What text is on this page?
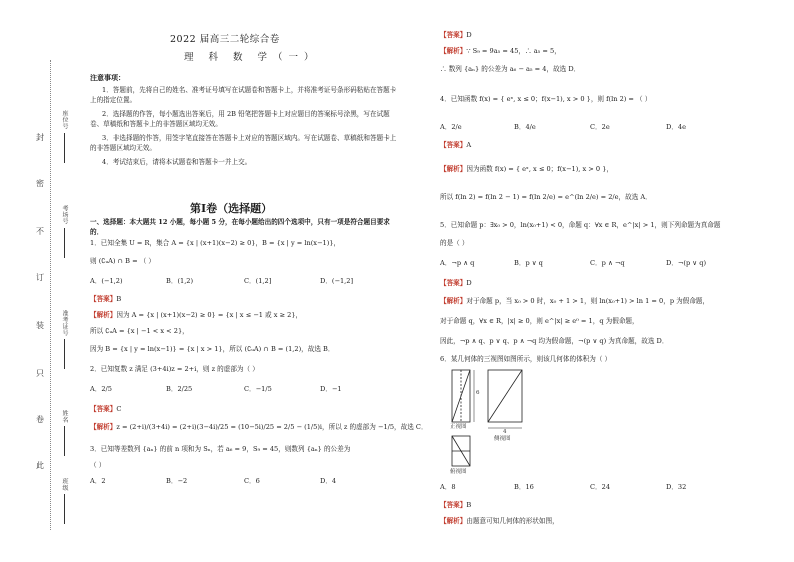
封
密
不
订
装
只
卷
此
座位号
考场号
准考证号
姓名
班级
2022 届高三二轮综合卷
理 科 数 学（一）
注意事项：
1．答题前，先将自己的姓名、准考证号填写在试题卷和答题卡上，并将准考证号条形码粘贴在答题卡上的指定位置。
2．选择题的作答，每小题选出答案后，用 2B 铅笔把答题卡上对应题目的答案标号涂黑，写在试题卷、草稿纸和答题卡上的非答题区域均无效。
3．非选择题的作答，用签字笔直接答在答题卡上对应的答题区域内。写在试题卷、草稿纸和答题卡上的非答题区域均无效。
4．考试结束后，请将本试题卷和答题卡一并上交。
第Ⅰ卷（选择题）
一、选择题：本大题共 12 小题，每小题 5 分，在每小题给出的四个选项中，只有一项是符合题目要求的．
1．已知全集 U = R，集合 A = {x | (x+1)(x−2) ≥ 0}，B = {x | y = ln(x−1)}，
则 (∁ᵤA) ∩ B = （ ）
A．(−1,2)	B．(1,2)	C．(1,2]	D．(−1,2]
【答案】B
【解析】因为 A = {x | (x+1)(x−2) ≥ 0} = {x | x ≤ −1 或 x ≥ 2}，
所以 ∁ᵤA = {x | −1 < x < 2}，
因为 B = {x | y = ln(x−1)} = {x | x > 1}，所以 (∁ᵤA) ∩ B = (1,2)，故选 B．
2．已知复数 z 满足 (3+4i)z = 2+i，则 z 的虚部为（ ）
A．2/5	B．2/25	C．−1/5	D．−1
【答案】C
【解析】z = (2+i)/(3+4i) = (2+i)(3−4i)/25 = (10−5i)/25 = 2/5 − (1/5)i，所以 z 的虚部为 −1/5，故选 C．
3．已知等差数列 {aₙ} 的前 n 项和为 Sₙ，若 a₆ = 9，S₉ = 45，则数列 {aₙ} 的公差为
（ ）
A．2	B．−2	C．6	D．4
【答案】D
【解析】∵ S₉ = 9a₅ = 45，∴ a₅ = 5，
∴ 数列 {aₙ} 的公差为 a₆ − a₅ = 4，故选 D．
4．已知函数 f(x) = { eˣ, x ≤ 0；f(x−1), x > 0 }，则 f(ln 2) = （ ）
A．2/e	B．4/e	C．2e	D．4e
【答案】A
【解析】因为函数 f(x) = { eˣ, x ≤ 0；f(x−1), x > 0 }，
所以 f(ln 2) = f(ln 2 − 1) = f(ln 2/e) = e^(ln 2/e) = 2/e，故选 A．
5．已知命题 p：∃x₀ > 0，ln(x₀+1) < 0，命题 q：∀x ∈ R，e^|x| > 1，则下列命题为真命题
的是（ ）
A．¬p ∧ q	B．p ∨ q	C．p ∧ ¬q	D．¬(p ∨ q)
【答案】D
【解析】对于命题 p，当 x₀ > 0 时，x₀ + 1 > 1，则 ln(x₀+1) > ln 1 = 0，p 为假命题，
对于命题 q，∀x ∈ R，|x| ≥ 0，则 e^|x| ≥ e⁰ = 1，q 为假命题，
因此，¬p ∧ q、p ∨ q、p ∧ ¬q 均为假命题，¬(p ∨ q) 为真命题，故选 D．
6．某几何体的三视图如图所示，则该几何体的体积为（ ）
6
4
正视图
侧视图
俯视图
A．8	B．16	C．24	D．32
【答案】B
【解析】由题意可知几何体的形状如图，
